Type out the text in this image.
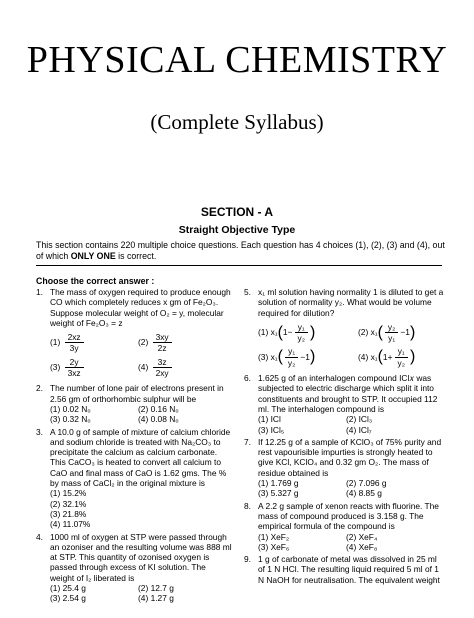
PHYSICAL CHEMISTRY
(Complete Syllabus)
SECTION - A
Straight Objective Type
This section contains 220 multiple choice questions. Each question has 4 choices (1), (2), (3) and (4), out of which ONLY ONE is correct.
Choose the correct answer :
1. The mass of oxygen required to produce enough CO which completely reduces x gm of Fe₂O₃. Suppose molecular weight of O₂ = y, molecular weight of Fe₂O₃ = z
$(1) \frac{2xz}{3y}$	$(2) \frac{3xy}{2z}$
$(3) \frac{2y}{3xz}$	$(4) \frac{3z}{2xy}$
2. The number of lone pair of electrons present in 2.56 gm of orthorhombic sulphur will be
(1) 0.02 N₀	(2) 0.16 N₀
(3) 0.32 N₀	(4) 0.08 N₀
3. A 10.0 g of sample of mixture of calcium chloride and sodium chloride is treated with Na₂CO₃ to precipitate the calcium as calcium carbonate. This CaCO₃ is heated to convert all calcium to CaO and final mass of CaO is 1.62 gms. The % by mass of CaCl₂ in the original mixture is
(1) 15.2%
(2) 32.1%
(3) 21.8%
(4) 11.07%
4. 1000 ml of oxygen at STP were passed through an ozoniser and the resulting volume was 888 ml at STP. This quantity of ozonised oxygen is passed through excess of KI solution. The weight of I₂ liberated is
(1) 25.4 g	(2) 12.7 g
(3) 2.54 g	(4) 1.27 g
5. x₁ ml solution having normality 1 is diluted to get a solution of normality y₂. What would be volume required for dilution?
(1) $x_1(1- \frac{\text{y₁}}{\text{y₂}}$ )	(2) $x_1( \frac{\text{y₂}}{\text{y₁}} -1)$
(3) $x_1( \frac{\text{y₁}}{\text{y₂}} -1)$	(4) $x_1(1+ \frac{\text{y₁}}{\text{y₂}}$ )
6. 1.625 g of an interhalogen compound ICl𝑥 was subjected to electric discharge which split it into constituents and brought to STP. It occupied 112 ml. The interhalogen compound is
(1) ICl	(2) ICl₃
(3) ICl₅	(4) ICl₇
7. If 12.25 g of a sample of KClO₃ of 75% purity and rest vapourisible impurties is strongly heated to give KCl, KClO₄ and 0.32 gm O₂. The mass of residue obtained is
(1) 1.769 g	(2) 7.096 g
(3) 5.327 g	(4) 8.85 g
8. A 2.2 g sample of xenon reacts with fluorine. The mass of compound produced is 3.158 g. The empirical formula of the compound is
(1) XeF₂	(2) XeF₄
(3) XeF₆	(4) XeF₈
9. 1 g of carbonate of metal was dissolved in 25 ml of 1 N HCl. The resulting liquid required 5 ml of 1 N NaOH for neutralisation. The equivalent weight
